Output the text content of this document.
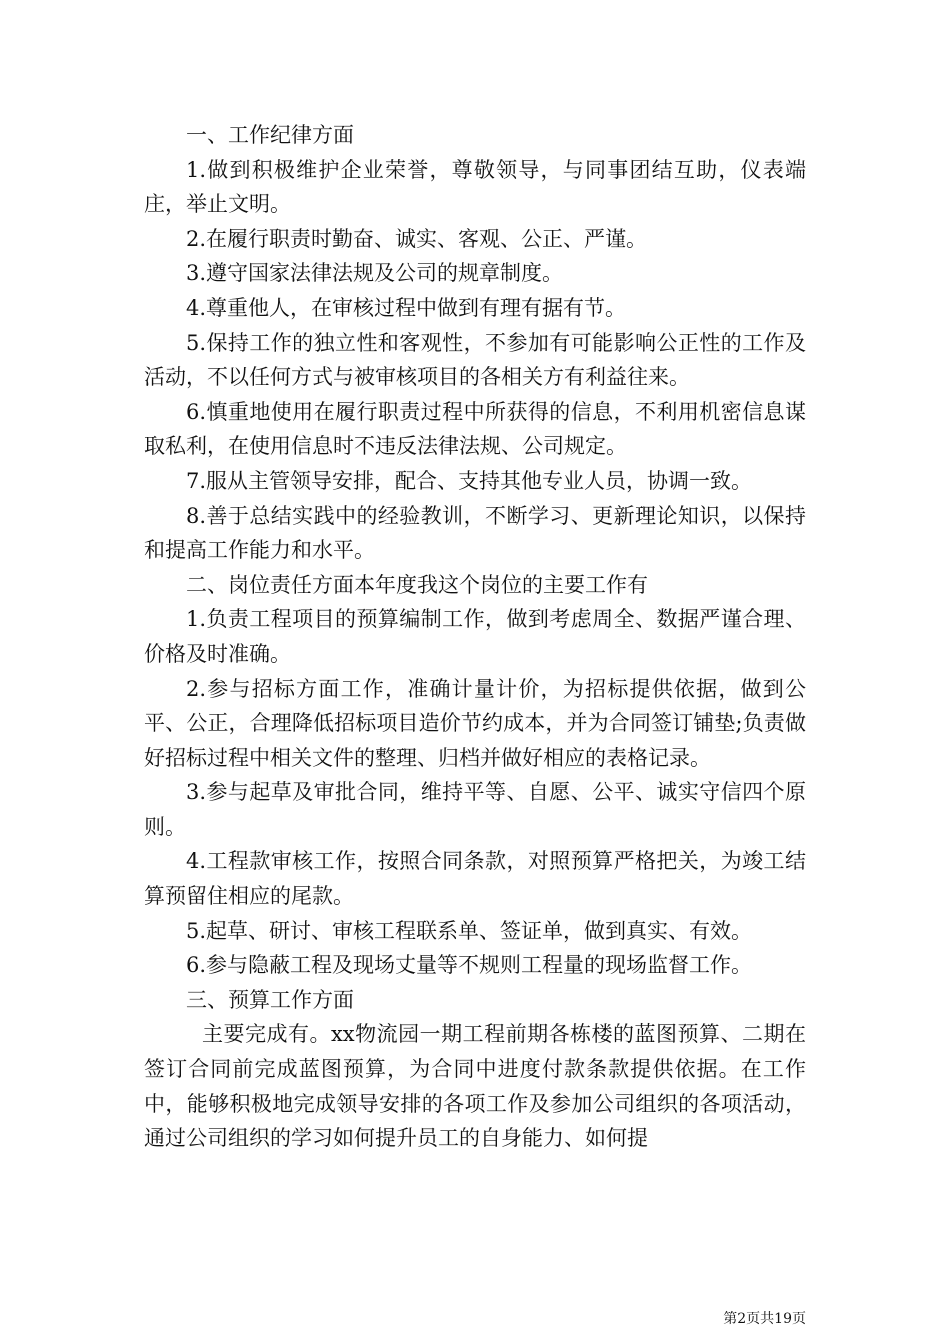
一、工作纪律方面

1.做到积极维护企业荣誉，尊敬领导，与同事团结互助，仪表端庄，举止文明。

2.在履行职责时勤奋、诚实、客观、公正、严谨。

3.遵守国家法律法规及公司的规章制度。

4.尊重他人，在审核过程中做到有理有据有节。

5.保持工作的独立性和客观性，不参加有可能影响公正性的工作及活动，不以任何方式与被审核项目的各相关方有利益往来。

6.慎重地使用在履行职责过程中所获得的信息，不利用机密信息谋取私利，在使用信息时不违反法律法规、公司规定。

7.服从主管领导安排，配合、支持其他专业人员，协调一致。

8.善于总结实践中的经验教训，不断学习、更新理论知识，以保持和提高工作能力和水平。

二、岗位责任方面本年度我这个岗位的主要工作有

1.负责工程项目的预算编制工作，做到考虑周全、数据严谨合理、价格及时准确。

2.参与招标方面工作，准确计量计价，为招标提供依据，做到公平、公正，合理降低招标项目造价节约成本，并为合同签订铺垫;负责做好招标过程中相关文件的整理、归档并做好相应的表格记录。

3.参与起草及审批合同，维持平等、自愿、公平、诚实守信四个原则。

4.工程款审核工作，按照合同条款，对照预算严格把关，为竣工结算预留住相应的尾款。

5.起草、研讨、审核工程联系单、签证单，做到真实、有效。

6.参与隐蔽工程及现场丈量等不规则工程量的现场监督工作。

三、预算工作方面

主要完成有。xx物流园一期工程前期各栋楼的蓝图预算、二期在签订合同前完成蓝图预算，为合同中进度付款条款提供依据。在工作中，能够积极地完成领导安排的各项工作及参加公司组织的各项活动，通过公司组织的学习如何提升员工的自身能力、如何提

第2页共19页
